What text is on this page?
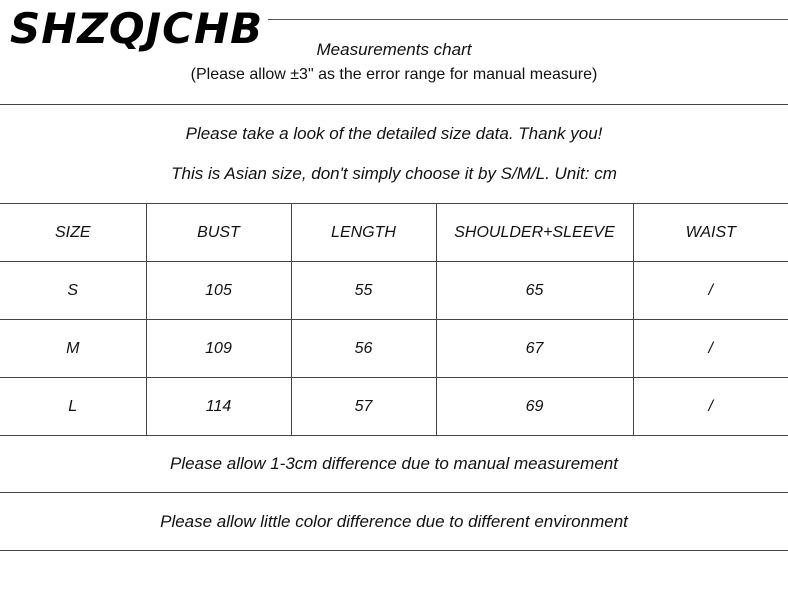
SHZQJCHB	Measurements chart
(Please allow ±3" as the error range for manual measure)
Please take a look of the detailed size data. Thank you!
This is Asian size, don't simply choose it by S/M/L. Unit: cm
SIZE	BUST	LENGTH	SHOULDER+SLEEVE	WAIST
S	105	55	65	/
M	109	56	67	/
L	114	57	69	/
Please allow 1-3cm difference due to manual measurement
Please allow little color difference due to different environment
